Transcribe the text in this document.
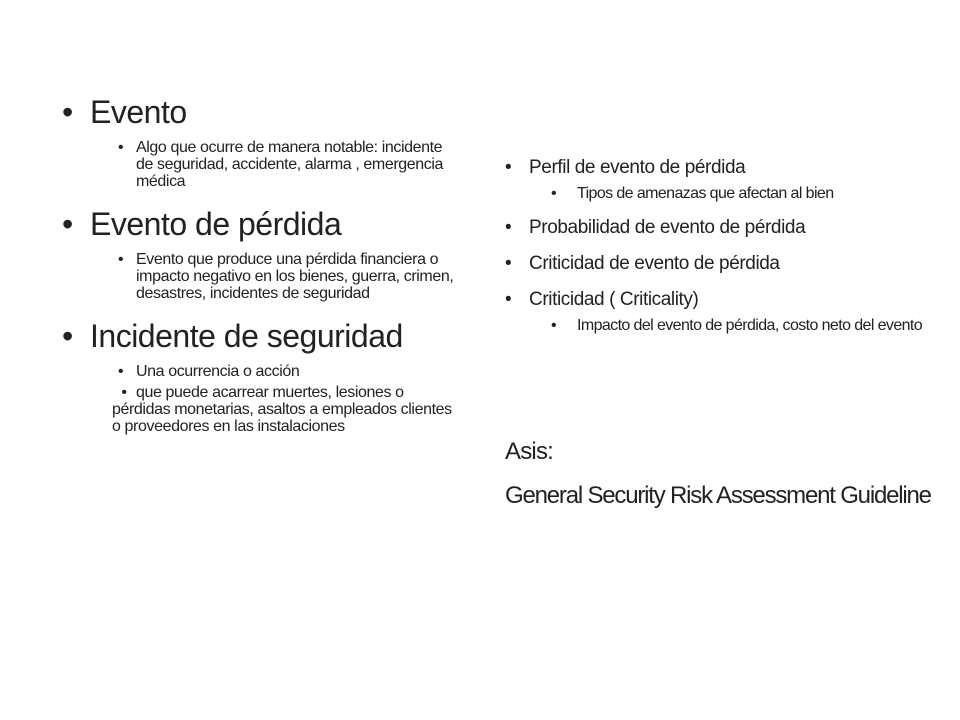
• Evento
• Algo que ocurre de manera notable: incidente de seguridad, accidente, alarma , emergencia médica
• Evento de pérdida
• Evento que produce una pérdida financiera o impacto negativo en los bienes, guerra, crimen, desastres, incidentes de seguridad
• Incidente de seguridad
• Una ocurrencia o acción
• que puede acarrear muertes, lesiones o pérdidas monetarias, asaltos a empleados clientes o proveedores en las instalaciones
• Perfil de evento de pérdida
• Tipos de amenazas que afectan al bien
• Probabilidad de evento de pérdida
• Criticidad de evento de pérdida
• Criticidad ( Criticality)
• Impacto del evento de pérdida, costo neto del evento
Asis:
General Security Risk Assessment Guideline
